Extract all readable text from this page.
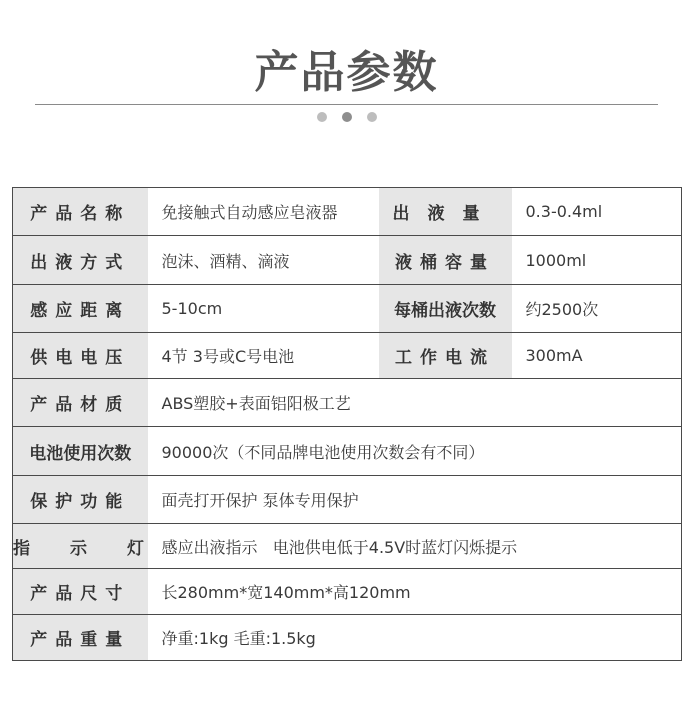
产品参数
产品名称	免接触式自动感应皂液器	出液量	0.3-0.4ml
出液方式	泡沫、酒精、滴液	液桶容量	1000ml
感应距离	5-10cm	每桶出液次数	约2500次
供电电压	4节 3号或C号电池	工作电流	300mA
产品材质	ABS塑胶+表面铝阳极工艺		
电池使用次数	90000次（不同品牌电池使用次数会有不同）		
保护功能	面壳打开保护 泵体专用保护		
指示灯	感应出液指示   电池供电低于4.5V时蓝灯闪烁提示		
产品尺寸	长280mm*宽140mm*高120mm		
产品重量	净重:1kg 毛重:1.5kg		
